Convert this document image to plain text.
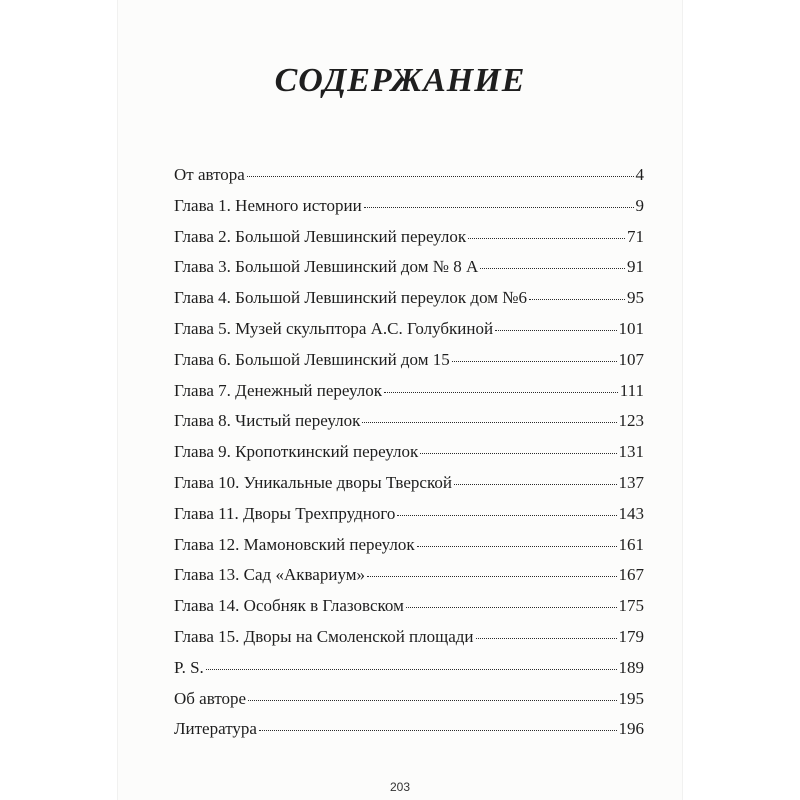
СОДЕРЖАНИЕ
От автора	4
Глава 1. Немного истории	9
Глава 2. Большой Левшинский переулок	71
Глава 3. Большой Левшинский дом № 8 А	91
Глава 4. Большой Левшинский переулок дом №6	95
Глава 5. Музей скульптора А.С. Голубкиной	101
Глава 6. Большой Левшинский дом 15	107
Глава 7. Денежный переулок	111
Глава 8. Чистый переулок	123
Глава 9. Кропоткинский переулок	131
Глава 10. Уникальные дворы Тверской	137
Глава 11. Дворы Трехпрудного	143
Глава 12. Мамоновский переулок	161
Глава 13. Сад «Аквариум»	167
Глава 14. Особняк в Глазовском	175
Глава 15. Дворы на Смоленской площади	179
P. S.	189
Об авторе	195
Литература	196
203
